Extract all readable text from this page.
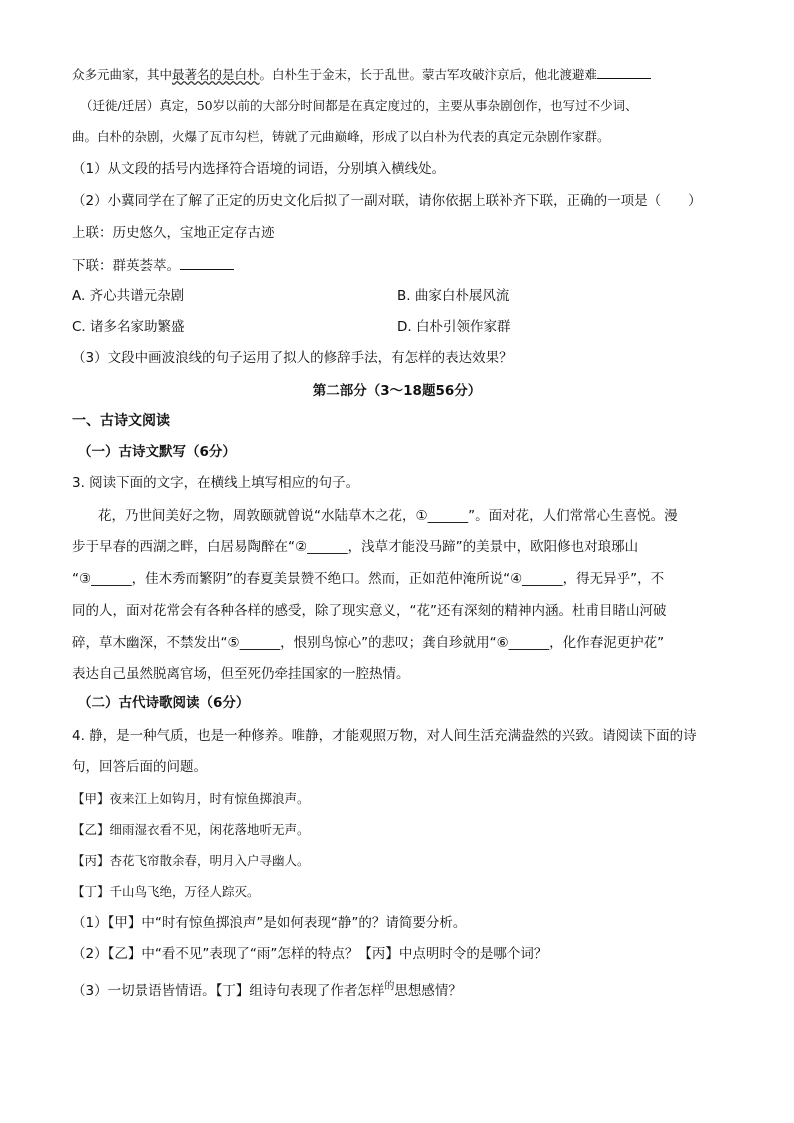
众多元曲家，其中最著名的是白朴。白朴生于金末，长于乱世。蒙古军攻破汴京后，他北渡避难
（迁徙/迁居）真定，50岁以前的大部分时间都是在真定度过的，主要从事杂剧创作，也写过不少词、
曲。白朴的杂剧，火爆了瓦市勾栏，铸就了元曲巅峰，形成了以白朴为代表的真定元杂剧作家群。
（1）从文段的括号内选择符合语境的词语，分别填入横线处。
（2）小冀同学在了解了正定的历史文化后拟了一副对联，请你依据上联补齐下联，正确的一项是（　　）
上联：历史悠久，宝地正定存古迹
下联：群英荟萃。
A. 齐心共谱元杂剧	B. 曲家白朴展风流
C. 诸多名家助繁盛	D. 白朴引领作家群
（3）文段中画波浪线的句子运用了拟人的修辞手法，有怎样的表达效果？
第二部分（3～18题56分）
一、古诗文阅读
（一）古诗文默写（6分）
3. 阅读下面的文字，在横线上填写相应的句子。
花，乃世间美好之物，周敦颐就曾说“水陆草木之花，①______”。面对花，人们常常心生喜悦。漫
步于早春的西湖之畔，白居易陶醉在“②______，浅草才能没马蹄”的美景中，欧阳修也对琅琊山
“③______，佳木秀而繁阴”的春夏美景赞不绝口。然而，正如范仲淹所说“④______，得无异乎”，不
同的人，面对花常会有各种各样的感受，除了现实意义，“花”还有深刻的精神内涵。杜甫目睹山河破
碎，草木幽深，不禁发出“⑤______，恨别鸟惊心”的悲叹；龚自珍就用“⑥______，化作春泥更护花”
表达自己虽然脱离官场，但至死仍牵挂国家的一腔热情。
（二）古代诗歌阅读（6分）
4. 静，是一种气质，也是一种修养。唯静，才能观照万物，对人间生活充满盎然的兴致。请阅读下面的诗
句，回答后面的问题。
【甲】夜来江上如钩月，时有惊鱼掷浪声。
【乙】细雨湿衣看不见，闲花落地听无声。
【丙】杏花飞帘散余春，明月入户寻幽人。
【丁】千山鸟飞绝，万径人踪灭。
（1）【甲】中“时有惊鱼掷浪声”是如何表现“静”的？请简要分析。
（2）【乙】中“看不见”表现了“雨”怎样的特点？【丙】中点明时令的是哪个词？
（3）一切景语皆情语。【丁】组诗句表现了作者怎样$^的$思想感情？
